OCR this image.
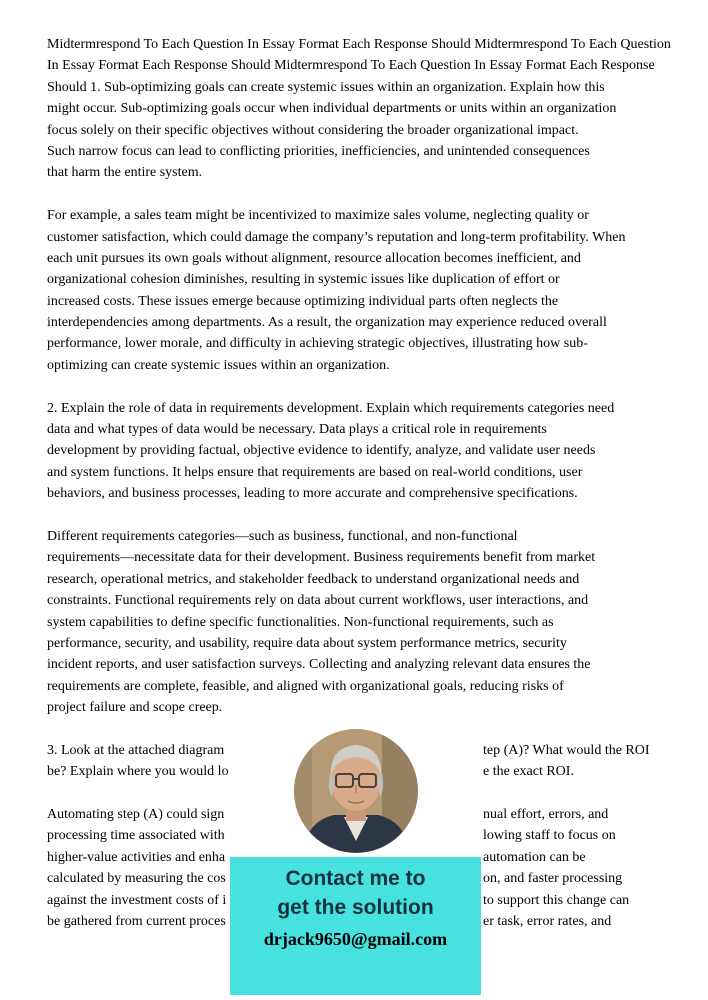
Midtermrespond To Each Question In Essay Format Each Response Should Midtermrespond To Each Question
In Essay Format Each Response Should Midtermrespond To Each Question In Essay Format Each Response
Should 1. Sub-optimizing goals can create systemic issues within an organization. Explain how this
might occur. Sub-optimizing goals occur when individual departments or units within an organization
focus solely on their specific objectives without considering the broader organizational impact.
Such narrow focus can lead to conflicting priorities, inefficiencies, and unintended consequences
that harm the entire system.
For example, a sales team might be incentivized to maximize sales volume, neglecting quality or
customer satisfaction, which could damage the company’s reputation and long-term profitability. When
each unit pursues its own goals without alignment, resource allocation becomes inefficient, and
organizational cohesion diminishes, resulting in systemic issues like duplication of effort or
increased costs. These issues emerge because optimizing individual parts often neglects the
interdependencies among departments. As a result, the organization may experience reduced overall
performance, lower morale, and difficulty in achieving strategic objectives, illustrating how sub-
optimizing can create systemic issues within an organization.
2. Explain the role of data in requirements development. Explain which requirements categories need
data and what types of data would be necessary. Data plays a critical role in requirements
development by providing factual, objective evidence to identify, analyze, and validate user needs
and system functions. It helps ensure that requirements are based on real-world conditions, user
behaviors, and business processes, leading to more accurate and comprehensive specifications.
Different requirements categories—such as business, functional, and non-functional
requirements—necessitate data for their development. Business requirements benefit from market
research, operational metrics, and stakeholder feedback to understand organizational needs and
constraints. Functional requirements rely on data about current workflows, user interactions, and
system capabilities to define specific functionalities. Non-functional requirements, such as
performance, security, and usability, require data about system performance metrics, security
incident reports, and user satisfaction surveys. Collecting and analyzing relevant data ensures the
requirements are complete, feasible, and aligned with organizational goals, reducing risks of
project failure and scope creep.
3. Look at the attached diagram	tep (A)? What would the ROI
be? Explain where you would lo	e the exact ROI.
Automating step (A) could sign	nual effort, errors, and
processing time associated with	lowing staff to focus on
higher-value activities and enha	automation can be
calculated by measuring the cos	on, and faster processing
against the investment costs of i	to support this change can
be gathered from current proces	er task, error rates, and
Contact me to
get the solution
drjack9650@gmail.com
